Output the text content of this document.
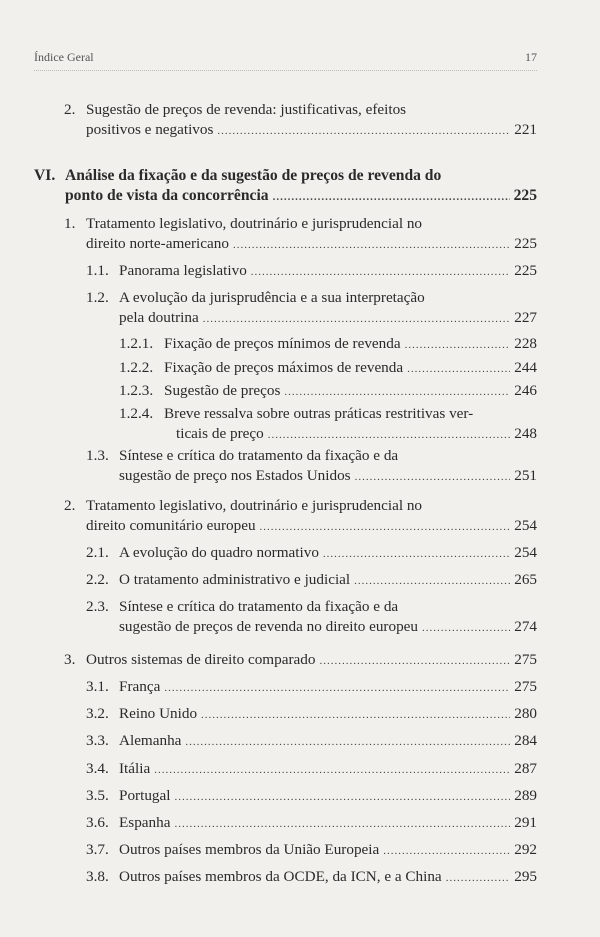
Índice Geral	17
2. Sugestão de preços de revenda: justificativas, efeitos
positivos e negativos .....	221
VI. Análise da fixação e da sugestão de preços de revenda do
ponto de vista da concorrência .....	225
1. Tratamento legislativo, doutrinário e jurisprudencial no
direito norte-americano .....	225
1.1. Panorama legislativo .....	225
1.2. A evolução da jurisprudência e a sua interpretação
pela doutrina .....	227
1.2.1. Fixação de preços mínimos de revenda .....	228
1.2.2. Fixação de preços máximos de revenda .....	244
1.2.3. Sugestão de preços .....	246
1.2.4. Breve ressalva sobre outras práticas restritivas ver-
ticais de preço .....	248
1.3. Síntese e crítica do tratamento da fixação e da
sugestão de preço nos Estados Unidos .....	251
2. Tratamento legislativo, doutrinário e jurisprudencial no
direito comunitário europeu .....	254
2.1. A evolução do quadro normativo .....	254
2.2. O tratamento administrativo e judicial .....	265
2.3. Síntese e crítica do tratamento da fixação e da
sugestão de preços de revenda no direito europeu .....	274
3. Outros sistemas de direito comparado .....	275
3.1. França .....	275
3.2. Reino Unido .....	280
3.3. Alemanha .....	284
3.4. Itália .....	287
3.5. Portugal .....	289
3.6. Espanha .....	291
3.7. Outros países membros da União Europeia .....	292
3.8. Outros países membros da OCDE, da ICN, e a China .....	295
